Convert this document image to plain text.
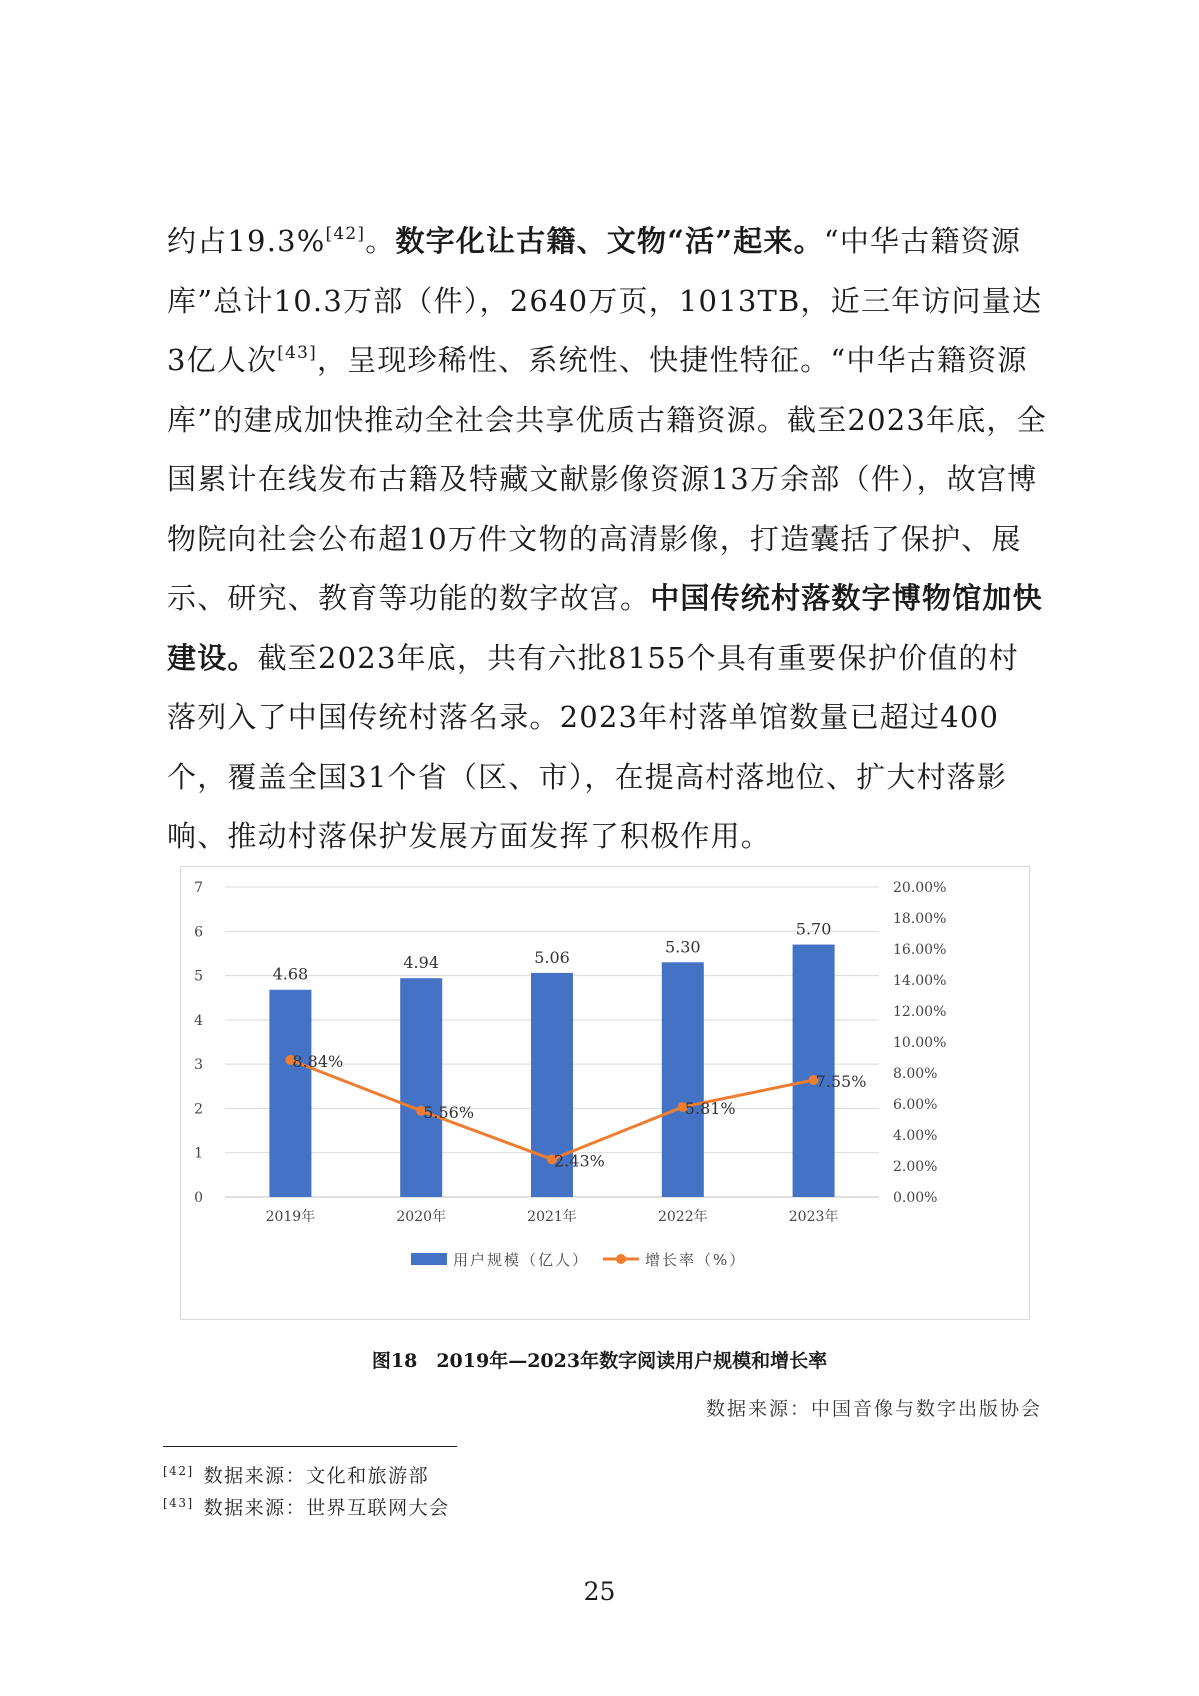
约占19.3%[42]。数字化让古籍、文物“活”起来。“中华古籍资源库”总计10.3万部（件），2640万页，1013TB，近三年访问量达3亿人次[43]，呈现珍稀性、系统性、快捷性特征。“中华古籍资源库”的建成加快推动全社会共享优质古籍资源。截至2023年底，全国累计在线发布古籍及特藏文献影像资源13万余部（件），故宫博物院向社会公布超10万件文物的高清影像，打造囊括了保护、展示、研究、教育等功能的数字故宫。中国传统村落数字博物馆加快建设。截至2023年底，共有六批8155个具有重要保护价值的村落列入了中国传统村落名录。2023年村落单馆数量已超过400个，覆盖全国31个省（区、市），在提高村落地位、扩大村落影响、推动村落保护发展方面发挥了积极作用。
0
1
2
3
4
5
6
7
0.00%
2.00%
4.00%
6.00%
8.00%
10.00%
12.00%
14.00%
16.00%
18.00%
20.00%
2019年	2020年	2021年	2022年	2023年
4.68
4.94	5.06
5.30
5.70
8.84%
5.56%
2.43%
5.81%
7.55%
用户规模（亿人）	增长率（%）
图18　2019年—2023年数字阅读用户规模和增长率
数据来源：中国音像与数字出版协会
[42] 数据来源：文化和旅游部
[43] 数据来源：世界互联网大会
25
